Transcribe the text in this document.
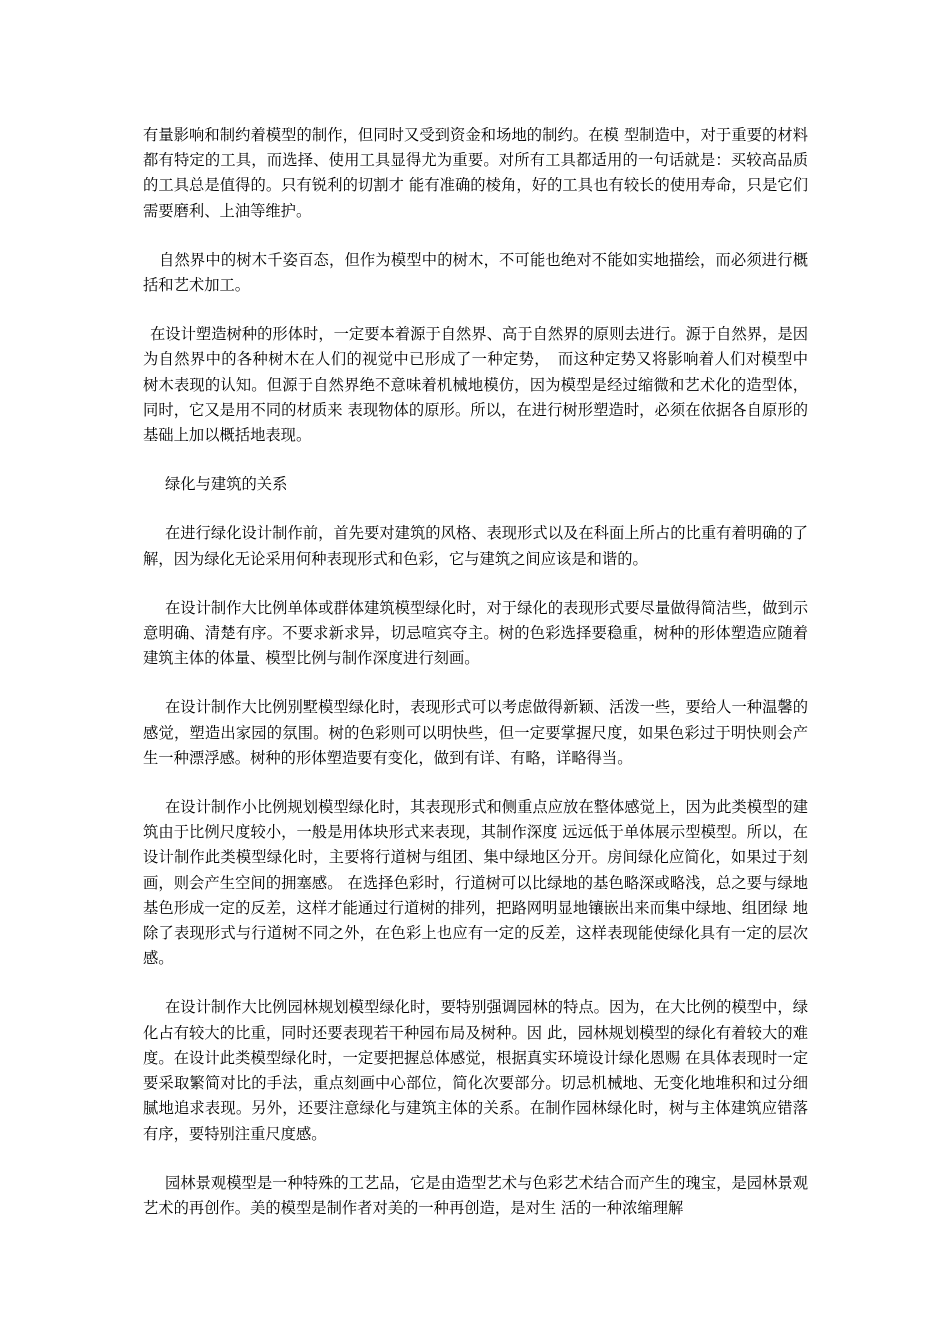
有量影响和制约着模型的制作，但同时又受到资金和场地的制约。在模 型制造中，对于重要的材料都有特定的工具，而选择、使用工具显得尤为重要。对所有工具都适用的一句话就是：买较高品质的工具总是值得的。只有锐利的切割才 能有准确的棱角，好的工具也有较长的使用寿命，只是它们需要磨利、上油等维护。

自然界中的树木千姿百态，但作为模型中的树木，不可能也绝对不能如实地描绘，而必须进行概括和艺术加工。

在设计塑造树种的形体时，一定要本着源于自然界、高于自然界的原则去进行。源于自然界，是因为自然界中的各种树木在人们的视觉中已形成了一种定势，　而这种定势又将影响着人们对模型中树木表现的认知。但源于自然界绝不意味着机械地模仿，因为模型是经过缩微和艺术化的造型体，同时，它又是用不同的材质来 表现物体的原形。所以，在进行树形塑造时，必须在依据各自原形的基础上加以概括地表现。

绿化与建筑的关系

在进行绿化设计制作前，首先要对建筑的风格、表现形式以及在科面上所占的比重有着明确的了解，因为绿化无论采用何种表现形式和色彩，它与建筑之间应该是和谐的。

在设计制作大比例单体或群体建筑模型绿化时，对于绿化的表现形式要尽量做得简洁些，做到示意明确、清楚有序。不要求新求异，切忌喧宾夺主。树的色彩选择要稳重，树种的形体塑造应随着建筑主体的体量、模型比例与制作深度进行刻画。

在设计制作大比例别墅模型绿化时，表现形式可以考虑做得新颖、活泼一些，要给人一种温馨的感觉，塑造出家园的氛围。树的色彩则可以明快些，但一定要掌握尺度，如果色彩过于明快则会产生一种漂浮感。树种的形体塑造要有变化，做到有详、有略，详略得当。

在设计制作小比例规划模型绿化时，其表现形式和侧重点应放在整体感觉上，因为此类模型的建筑由于比例尺度较小，一般是用体块形式来表现，其制作深度 远远低于单体展示型模型。所以，在设计制作此类模型绿化时，主要将行道树与组团、集中绿地区分开。房间绿化应简化，如果过于刻画，则会产生空间的拥塞感。 在选择色彩时，行道树可以比绿地的基色略深或略浅，总之要与绿地基色形成一定的反差，这样才能通过行道树的排列，把路网明显地镶嵌出来而集中绿地、组团绿 地除了表现形式与行道树不同之外，在色彩上也应有一定的反差，这样表现能使绿化具有一定的层次感。

在设计制作大比例园林规划模型绿化时，要特别强调园林的特点。因为，在大比例的模型中，绿化占有较大的比重，同时还要表现若干种园布局及树种。因 此，园林规划模型的绿化有着较大的难度。在设计此类模型绿化时，一定要把握总体感觉，根据真实环境设计绿化恩赐 在具体表现时一定要采取繁简对比的手法，重点刻画中心部位，简化次要部分。切忌机械地、无变化地堆积和过分细腻地追求表现。另外，还要注意绿化与建筑主体的关系。在制作园林绿化时，树与主体建筑应错落有序，要特别注重尺度感。

园林景观模型是一种特殊的工艺品，它是由造型艺术与色彩艺术结合而产生的瑰宝，是园林景观艺术的再创作。美的模型是制作者对美的一种再创造，是对生 活的一种浓缩理解
